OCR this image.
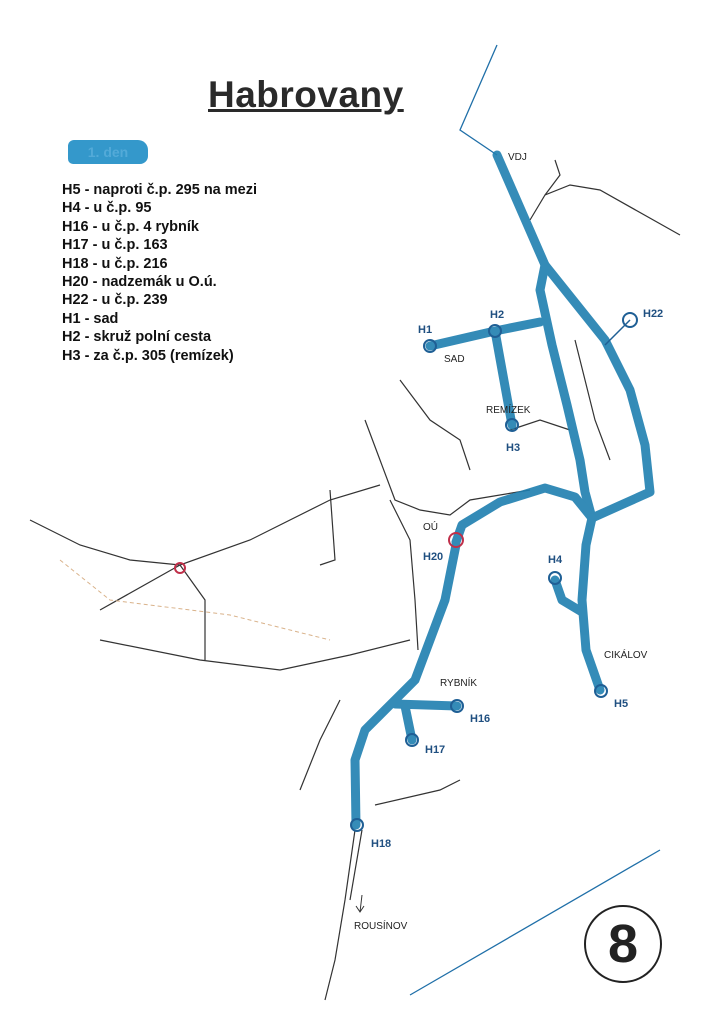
Habrovany
1. den
H5 - naproti č.p. 295 na mezi
H4 - u č.p. 95
H16 - u č.p. 4 rybník
H17 - u č.p. 163
H18 - u č.p. 216
H20 - nadzemák u O.ú.
H22 - u č.p. 239
H1 - sad
H2 - skruž polní cesta
H3 - za č.p. 305 (remízek)
H1
H2
H3
H22
H20	H4
H5
H16
H17
H18
VDJ
SAD
REMÍZEK
OÚ
RYBNÍK
CIKÁLOV
ROUSÍNOV	8
